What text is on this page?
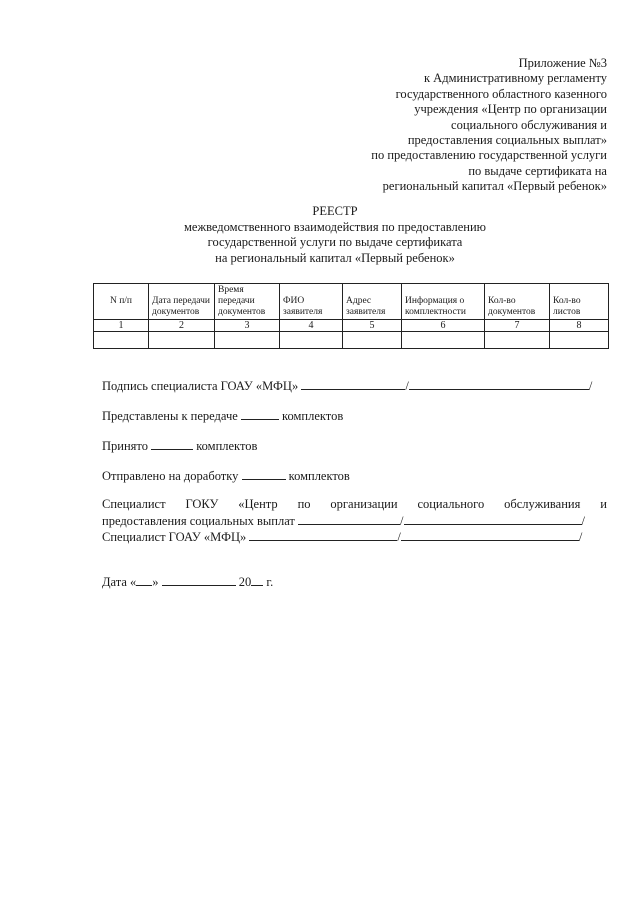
Приложение №3
к Административному регламенту
государственного областного казенного
учреждения «Центр по организации
социального обслуживания и
предоставления социальных выплат»
по предоставлению государственной услуги
по выдаче сертификата на
региональный капитал «Первый ребенок»
РЕЕСТР
межведомственного взаимодействия по предоставлению
государственной услуги по выдаче сертификата
на региональный капитал «Первый ребенок»
N п/п	Дата передачи документов	Время передачи документов	ФИО заявителя	Адрес заявителя	Информация о комплектности	Кол-во документов	Кол-во листов
1	2	3	4	5	6	7	8

Подпись специалиста ГОАУ «МФЦ»	/	/
Представлены к передаче	комплектов
Принято	комплектов
Отправлено на доработку	комплектов
Специалист ГОКУ «Центр по организации социального обслуживания и
предоставления социальных выплат	/	/
Специалист ГОАУ «МФЦ»	/	/
Дата « »	20 г.
